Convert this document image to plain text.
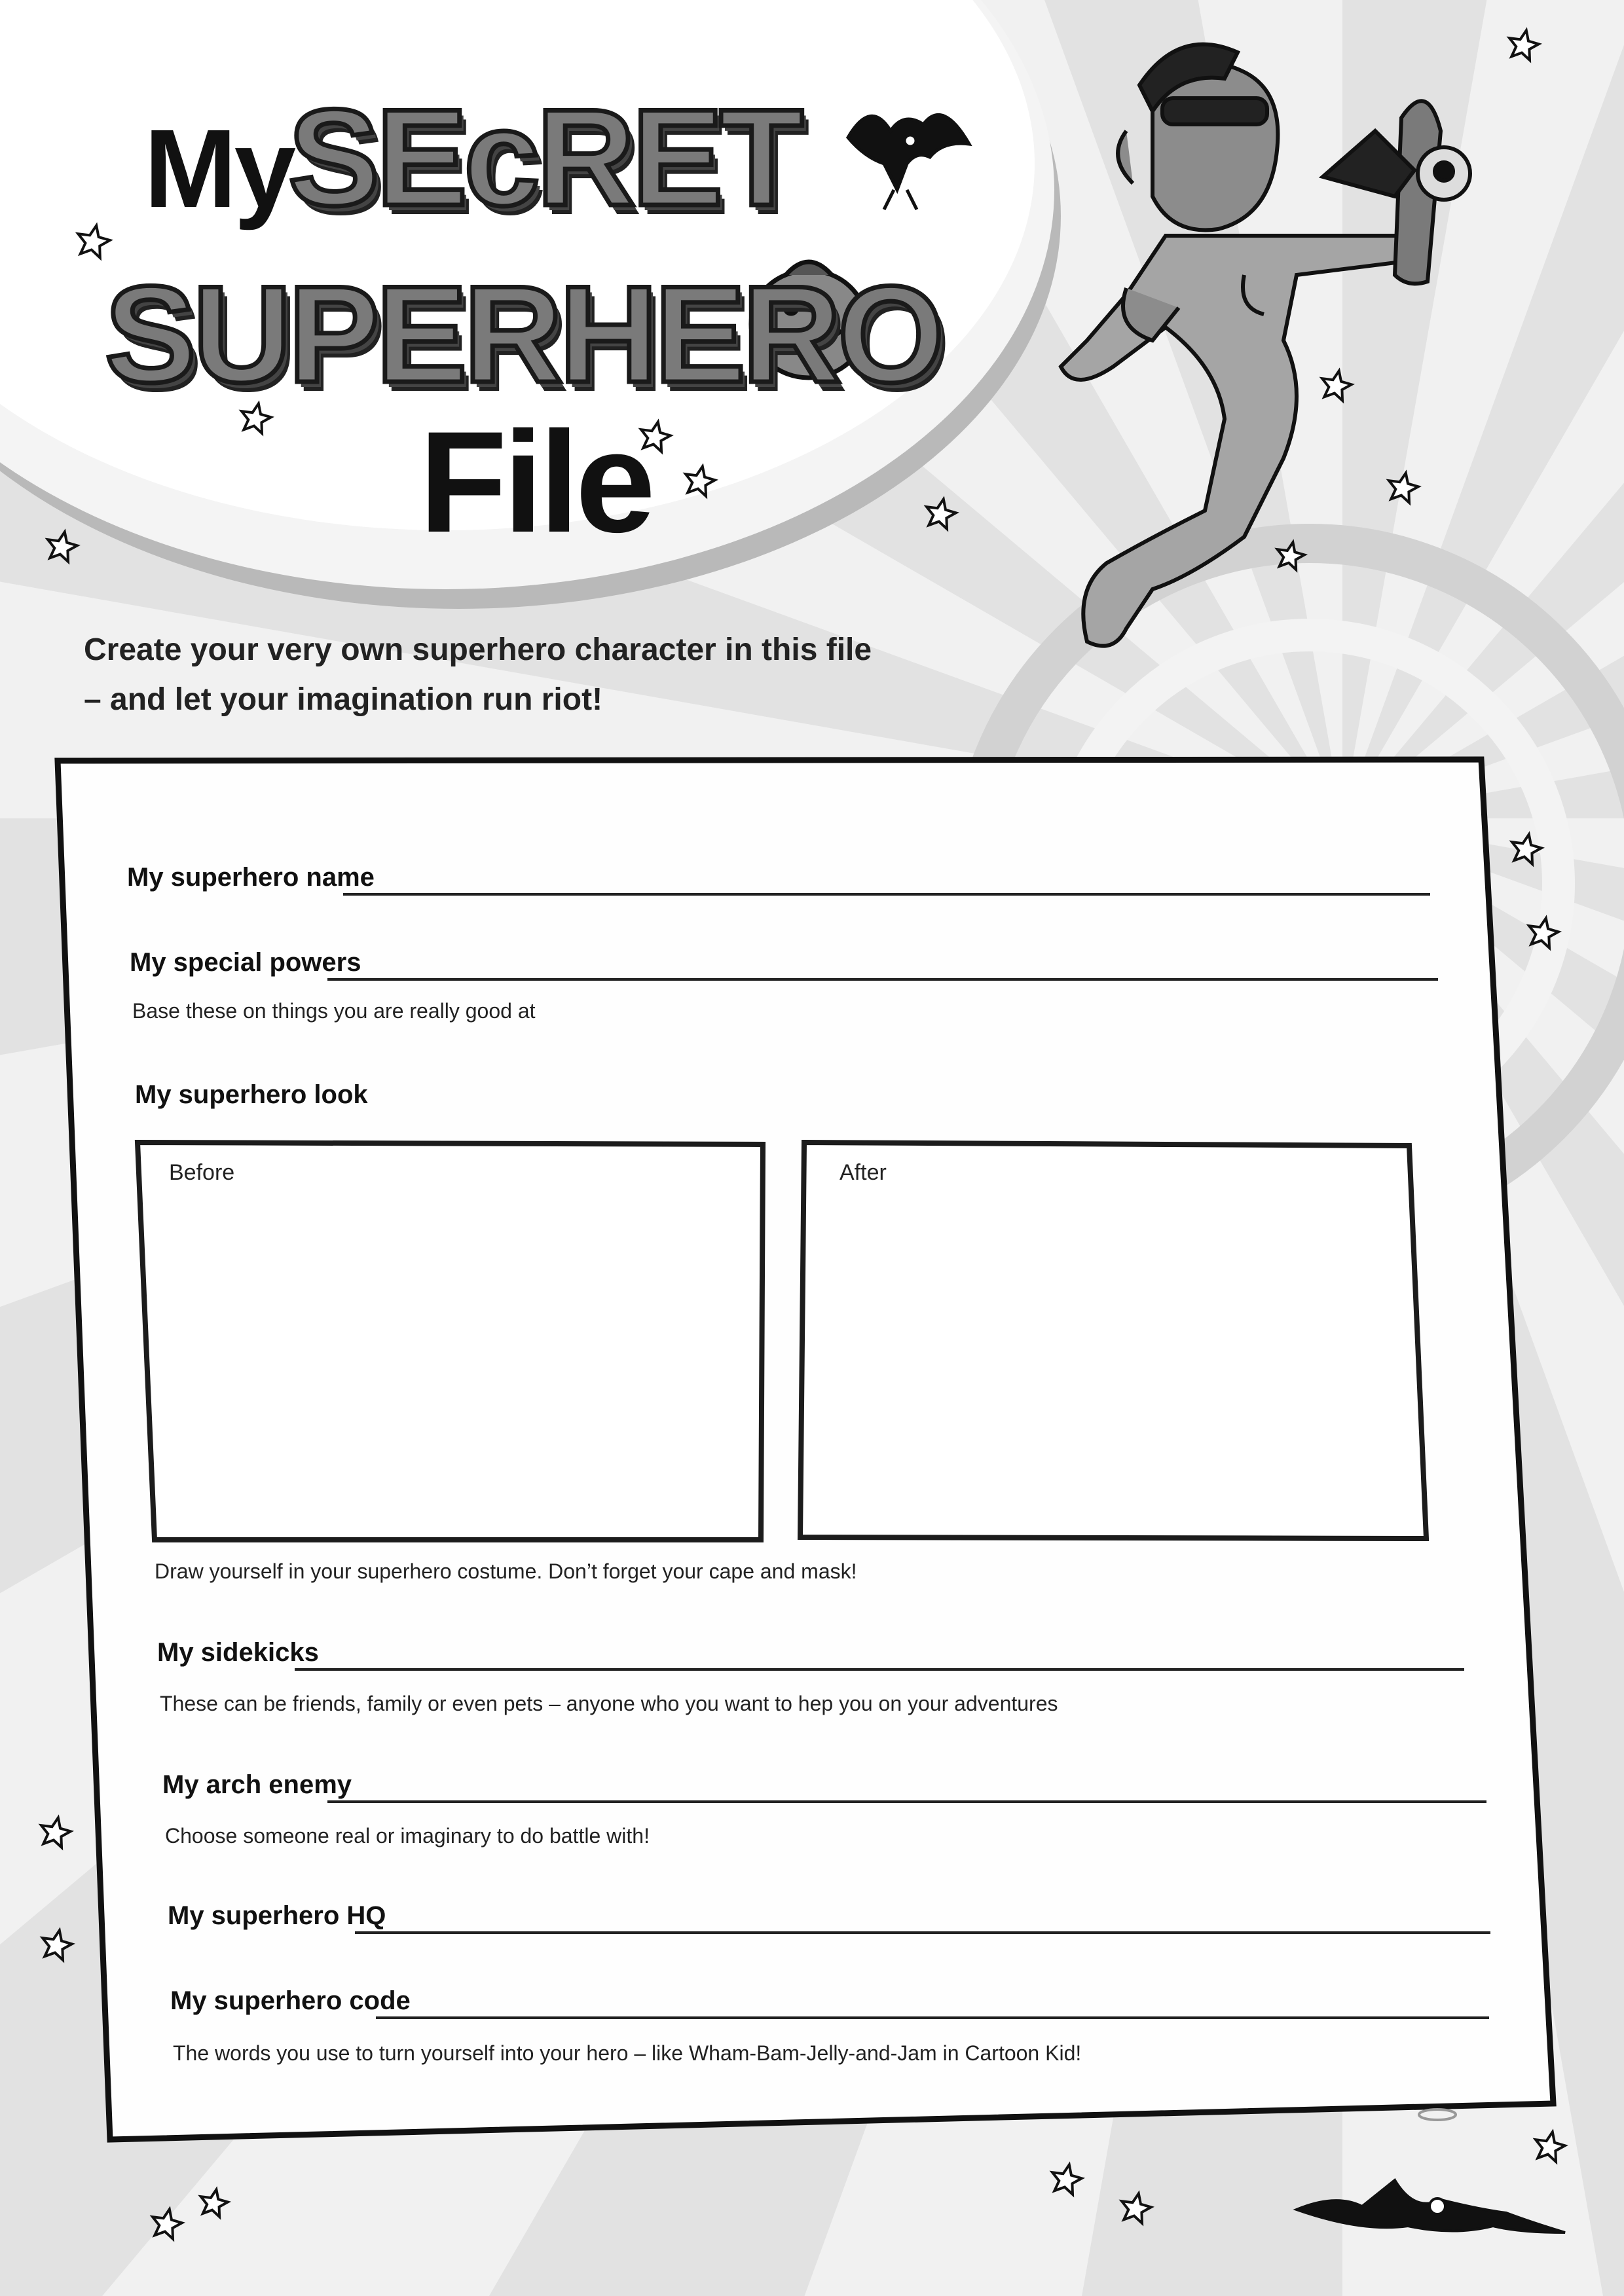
My
SEcRET
SUPERHERO
File
Create your very own superhero character in this file
– and let your imagination run riot!
My superhero name
My special powers
Base these on things you are really good at
My superhero look
Before	After
Draw yourself in your superhero costume. Don’t forget your cape and mask!
My sidekicks
These can be friends, family or even pets – anyone who you want to hep you on your adventures
My arch enemy
Choose someone real or imaginary to do battle with!
My superhero HQ
My superhero code
The words you use to turn yourself into your hero – like Wham-Bam-Jelly-and-Jam in Cartoon Kid!
